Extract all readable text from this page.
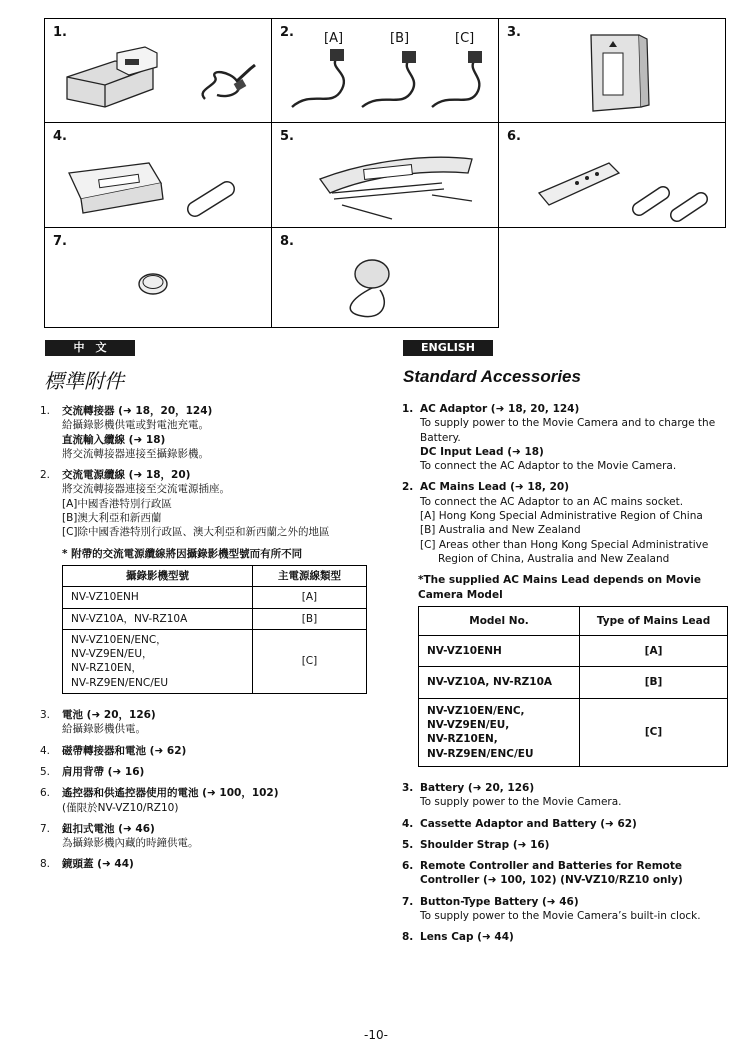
1.	2. [A]	[B]	[C]	3.
4.	5.	6.
7.	8.
中　文
標準附件
1.	交流轉接器 (➜ 18，20，124)
給攝錄影機供電或對電池充電。
直流輸入纜線 (➜ 18)
將交流轉接器連接至攝錄影機。
2.	交流電源纜線 (➜ 18，20)
將交流轉接器連接至交流電源插座。
[A]中國香港特別行政區
[B]澳大利亞和新西蘭
[C]除中國香港特別行政區、澳大利亞和新西蘭之外的地區
* 附帶的交流電源纜線將因攝錄影機型號而有所不同
攝錄影機型號	主電源線類型
NV-VZ10ENH	[A]
NV-VZ10A，NV-RZ10A	[B]
NV-VZ10EN/ENC，
NV-VZ9EN/EU，
NV-RZ10EN，
NV-RZ9EN/ENC/EU	[C]
3.	電池 (➜ 20，126)
給攝錄影機供電。
4.	磁帶轉接器和電池 (➜ 62)
5.	肩用背帶 (➜ 16)
6.	遙控器和供遙控器使用的電池 (➜ 100，102)
(僅限於NV-VZ10/RZ10)
7.	鈕扣式電池 (➜ 46)
為攝錄影機內藏的時鐘供電。
8.	鏡頭蓋 (➜ 44)
ENGLISH
Standard Accessories
1. AC Adaptor (➜ 18, 20, 124)
To supply power to the Movie Camera and to charge the Battery.
DC Input Lead (➜ 18)
To connect the AC Adaptor to the Movie Camera.
2. AC Mains Lead (➜ 18, 20)
To connect the AC Adaptor to an AC mains socket.
[A] Hong Kong Special Administrative Region of China
[B] Australia and New Zealand
[C] Areas other than Hong Kong Special Administrative Region of China, Australia and New Zealand
*The supplied AC Mains Lead depends on Movie Camera Model
Model No.	Type of Mains Lead
NV-VZ10ENH	[A]
NV-VZ10A, NV-RZ10A	[B]
NV-VZ10EN/ENC,
NV-VZ9EN/EU,
NV-RZ10EN,
NV-RZ9EN/ENC/EU	[C]
3. Battery (➜ 20, 126)
To supply power to the Movie Camera.
4. Cassette Adaptor and Battery (➜ 62)
5. Shoulder Strap (➜ 16)
6. Remote Controller and Batteries for Remote Controller (➜ 100, 102) (NV-VZ10/RZ10 only)
7. Button-Type Battery (➜ 46)
To supply power to the Movie Camera’s built-in clock.
8. Lens Cap (➜ 44)
-10-
